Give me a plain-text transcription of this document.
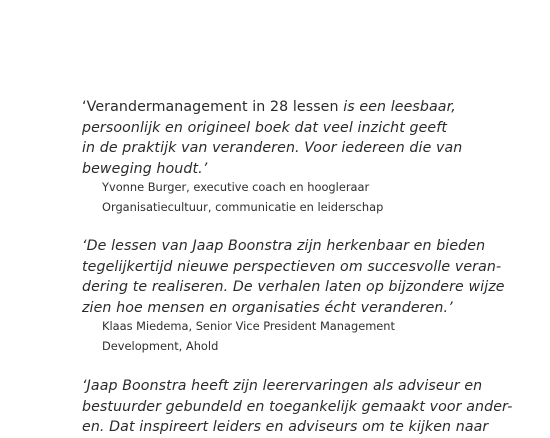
‘Verandermanagement in 28 lessen is een leesbaar,
persoonlijk en origineel boek dat veel inzicht geeft
in de praktijk van veranderen. Voor iedereen die van
beweging houdt.’
Yvonne Burger, executive coach en hoogleraar
Organisatiecultuur, communicatie en leiderschap
‘De lessen van Jaap Boonstra zijn herkenbaar en bieden
tegelijkertijd nieuwe perspectieven om succesvolle veran-
dering te realiseren. De verhalen laten op bijzondere wijze
zien hoe mensen en organisaties écht veranderen.’
Klaas Miedema, Senior Vice President Management
Development, Ahold
‘Jaap Boonstra heeft zijn leerervaringen als adviseur en
bestuurder gebundeld en toegankelijk gemaakt voor ander-
en. Dat inspireert leiders en adviseurs om te kijken naar
